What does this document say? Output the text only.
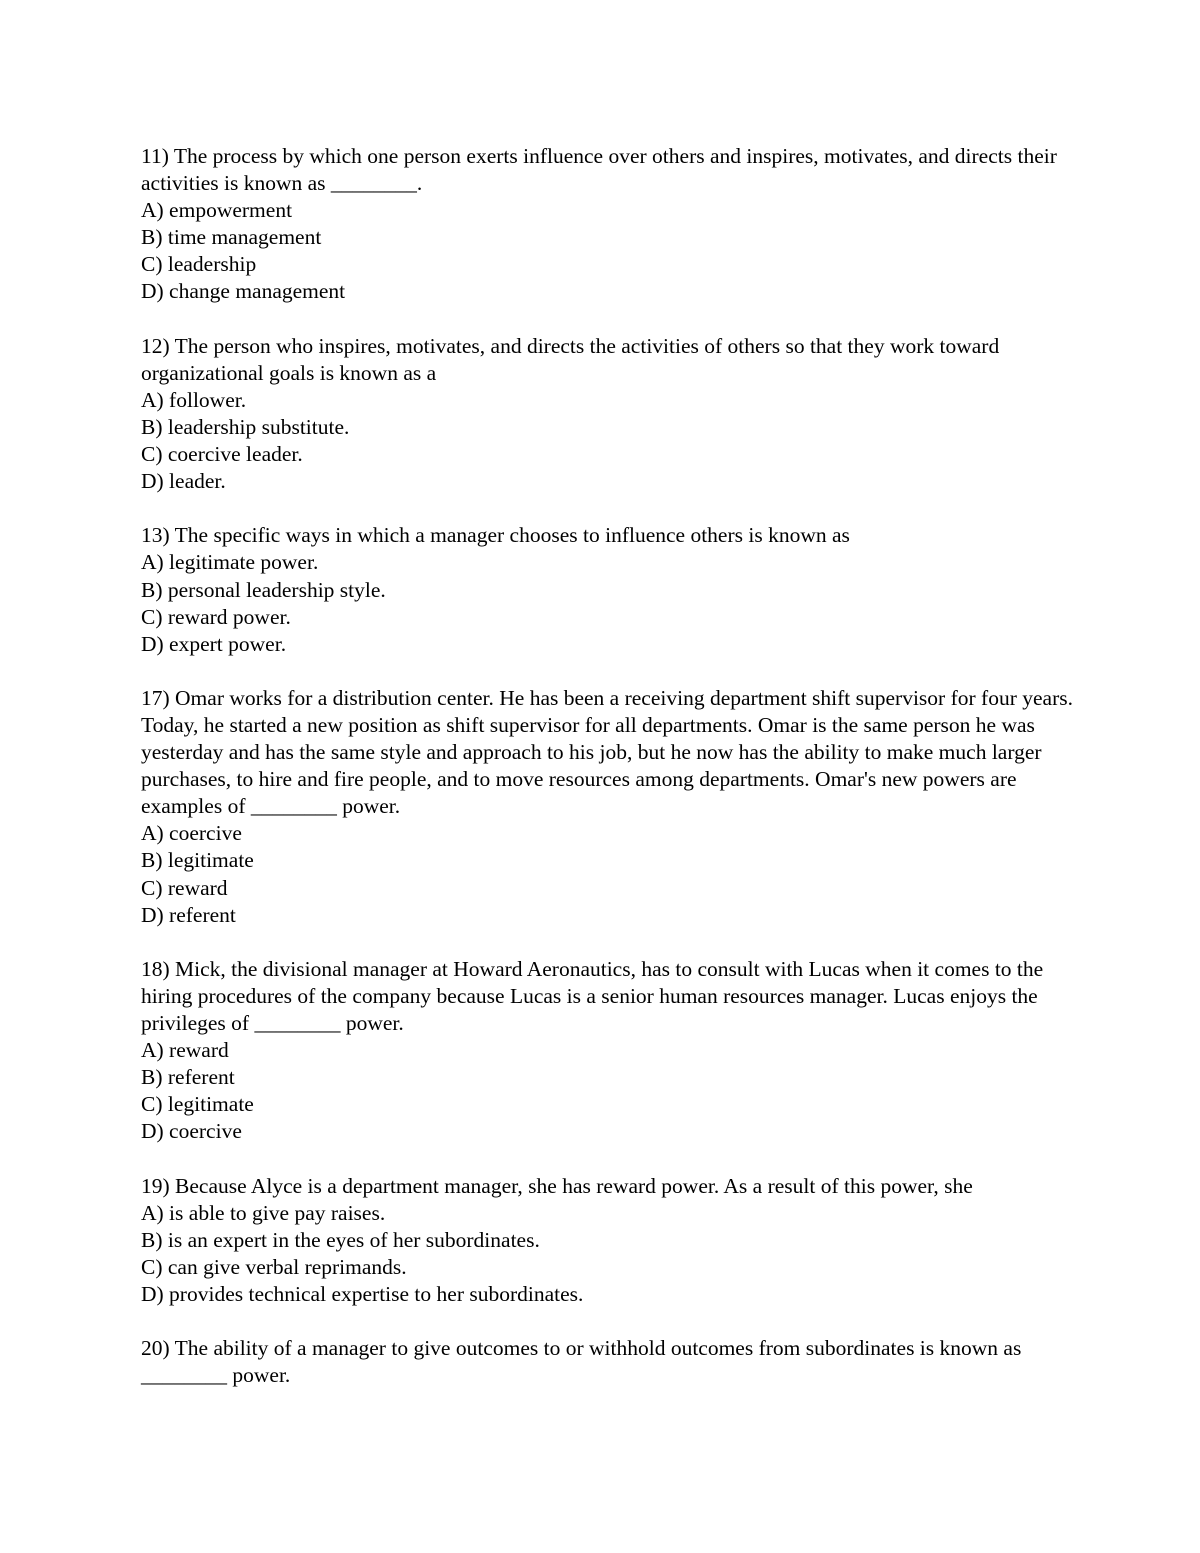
11) The process by which one person exerts influence over others and inspires, motivates, and directs their activities is known as ________.
A) empowerment
B) time management
C) leadership
D) change management
12) The person who inspires, motivates, and directs the activities of others so that they work toward organizational goals is known as a
A) follower.
B) leadership substitute.
C) coercive leader.
D) leader.
13) The specific ways in which a manager chooses to influence others is known as
A) legitimate power.
B) personal leadership style.
C) reward power.
D) expert power.
17) Omar works for a distribution center. He has been a receiving department shift supervisor for four years. Today, he started a new position as shift supervisor for all departments. Omar is the same person he was yesterday and has the same style and approach to his job, but he now has the ability to make much larger purchases, to hire and fire people, and to move resources among departments. Omar's new powers are examples of ________ power.
A) coercive
B) legitimate
C) reward
D) referent
18) Mick, the divisional manager at Howard Aeronautics, has to consult with Lucas when it comes to the hiring procedures of the company because Lucas is a senior human resources manager. Lucas enjoys the privileges of ________ power.
A) reward
B) referent
C) legitimate
D) coercive
19) Because Alyce is a department manager, she has reward power. As a result of this power, she
A) is able to give pay raises.
B) is an expert in the eyes of her subordinates.
C) can give verbal reprimands.
D) provides technical expertise to her subordinates.
20) The ability of a manager to give outcomes to or withhold outcomes from subordinates is known as ________ power.
